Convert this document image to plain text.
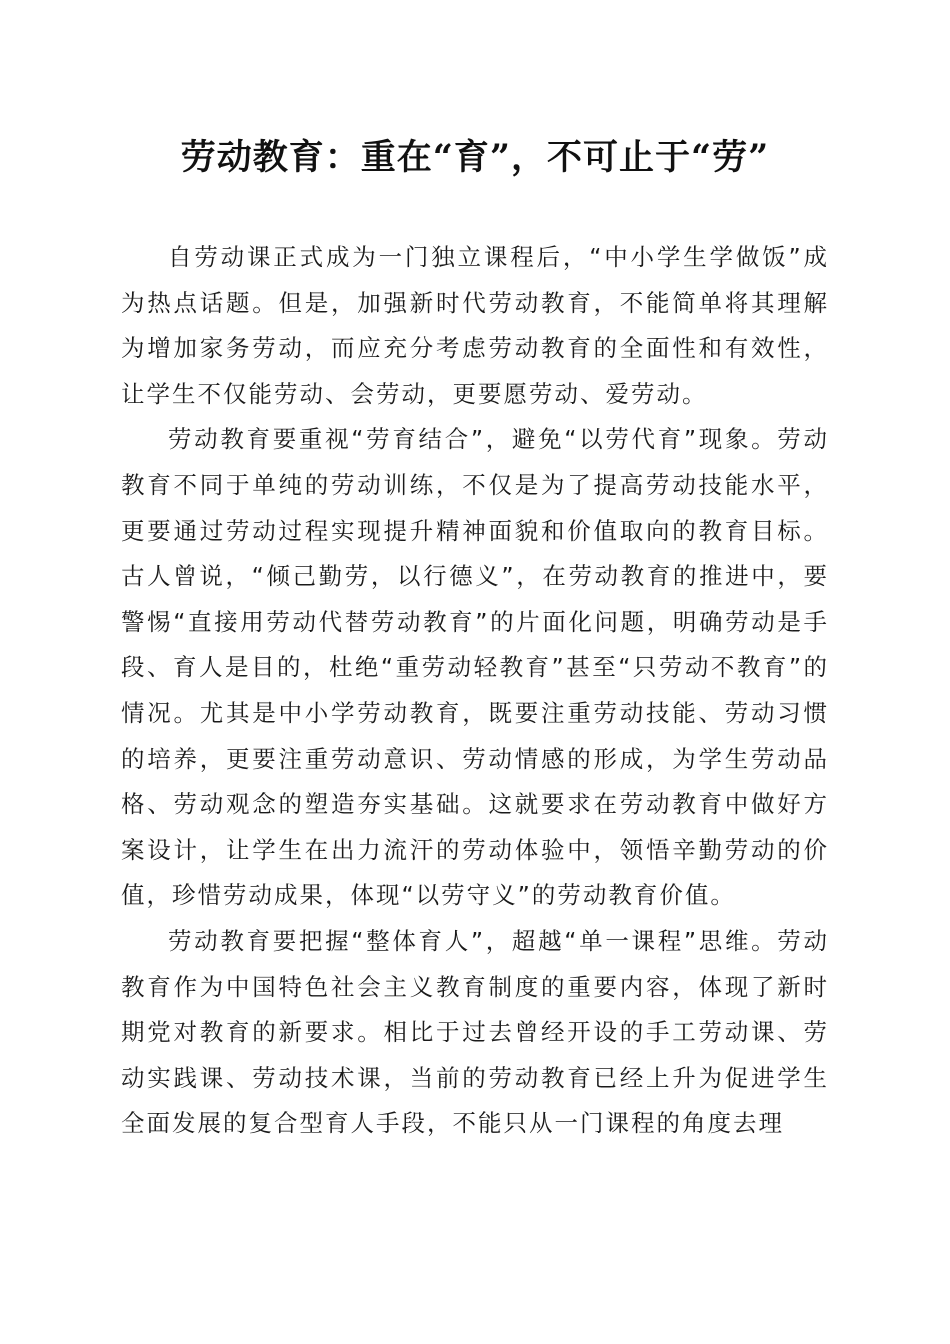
劳动教育：重在“育”，不可止于“劳”

自劳动课正式成为一门独立课程后，“中小学生学做饭”成为热点话题。但是，加强新时代劳动教育，不能简单将其理解为增加家务劳动，而应充分考虑劳动教育的全面性和有效性，让学生不仅能劳动、会劳动，更要愿劳动、爱劳动。

劳动教育要重视“劳育结合”，避免“以劳代育”现象。劳动教育不同于单纯的劳动训练，不仅是为了提高劳动技能水平，更要通过劳动过程实现提升精神面貌和价值取向的教育目标。古人曾说，“倾己勤劳，以行德义”，在劳动教育的推进中，要警惕“直接用劳动代替劳动教育”的片面化问题，明确劳动是手段、育人是目的，杜绝“重劳动轻教育”甚至“只劳动不教育”的情况。尤其是中小学劳动教育，既要注重劳动技能、劳动习惯的培养，更要注重劳动意识、劳动情感的形成，为学生劳动品格、劳动观念的塑造夯实基础。这就要求在劳动教育中做好方案设计，让学生在出力流汗的劳动体验中，领悟辛勤劳动的价值，珍惜劳动成果，体现“以劳守义”的劳动教育价值。

劳动教育要把握“整体育人”，超越“单一课程”思维。劳动教育作为中国特色社会主义教育制度的重要内容，体现了新时期党对教育的新要求。相比于过去曾经开设的手工劳动课、劳动实践课、劳动技术课，当前的劳动教育已经上升为促进学生全面发展的复合型育人手段，不能只从一门课程的角度去理
